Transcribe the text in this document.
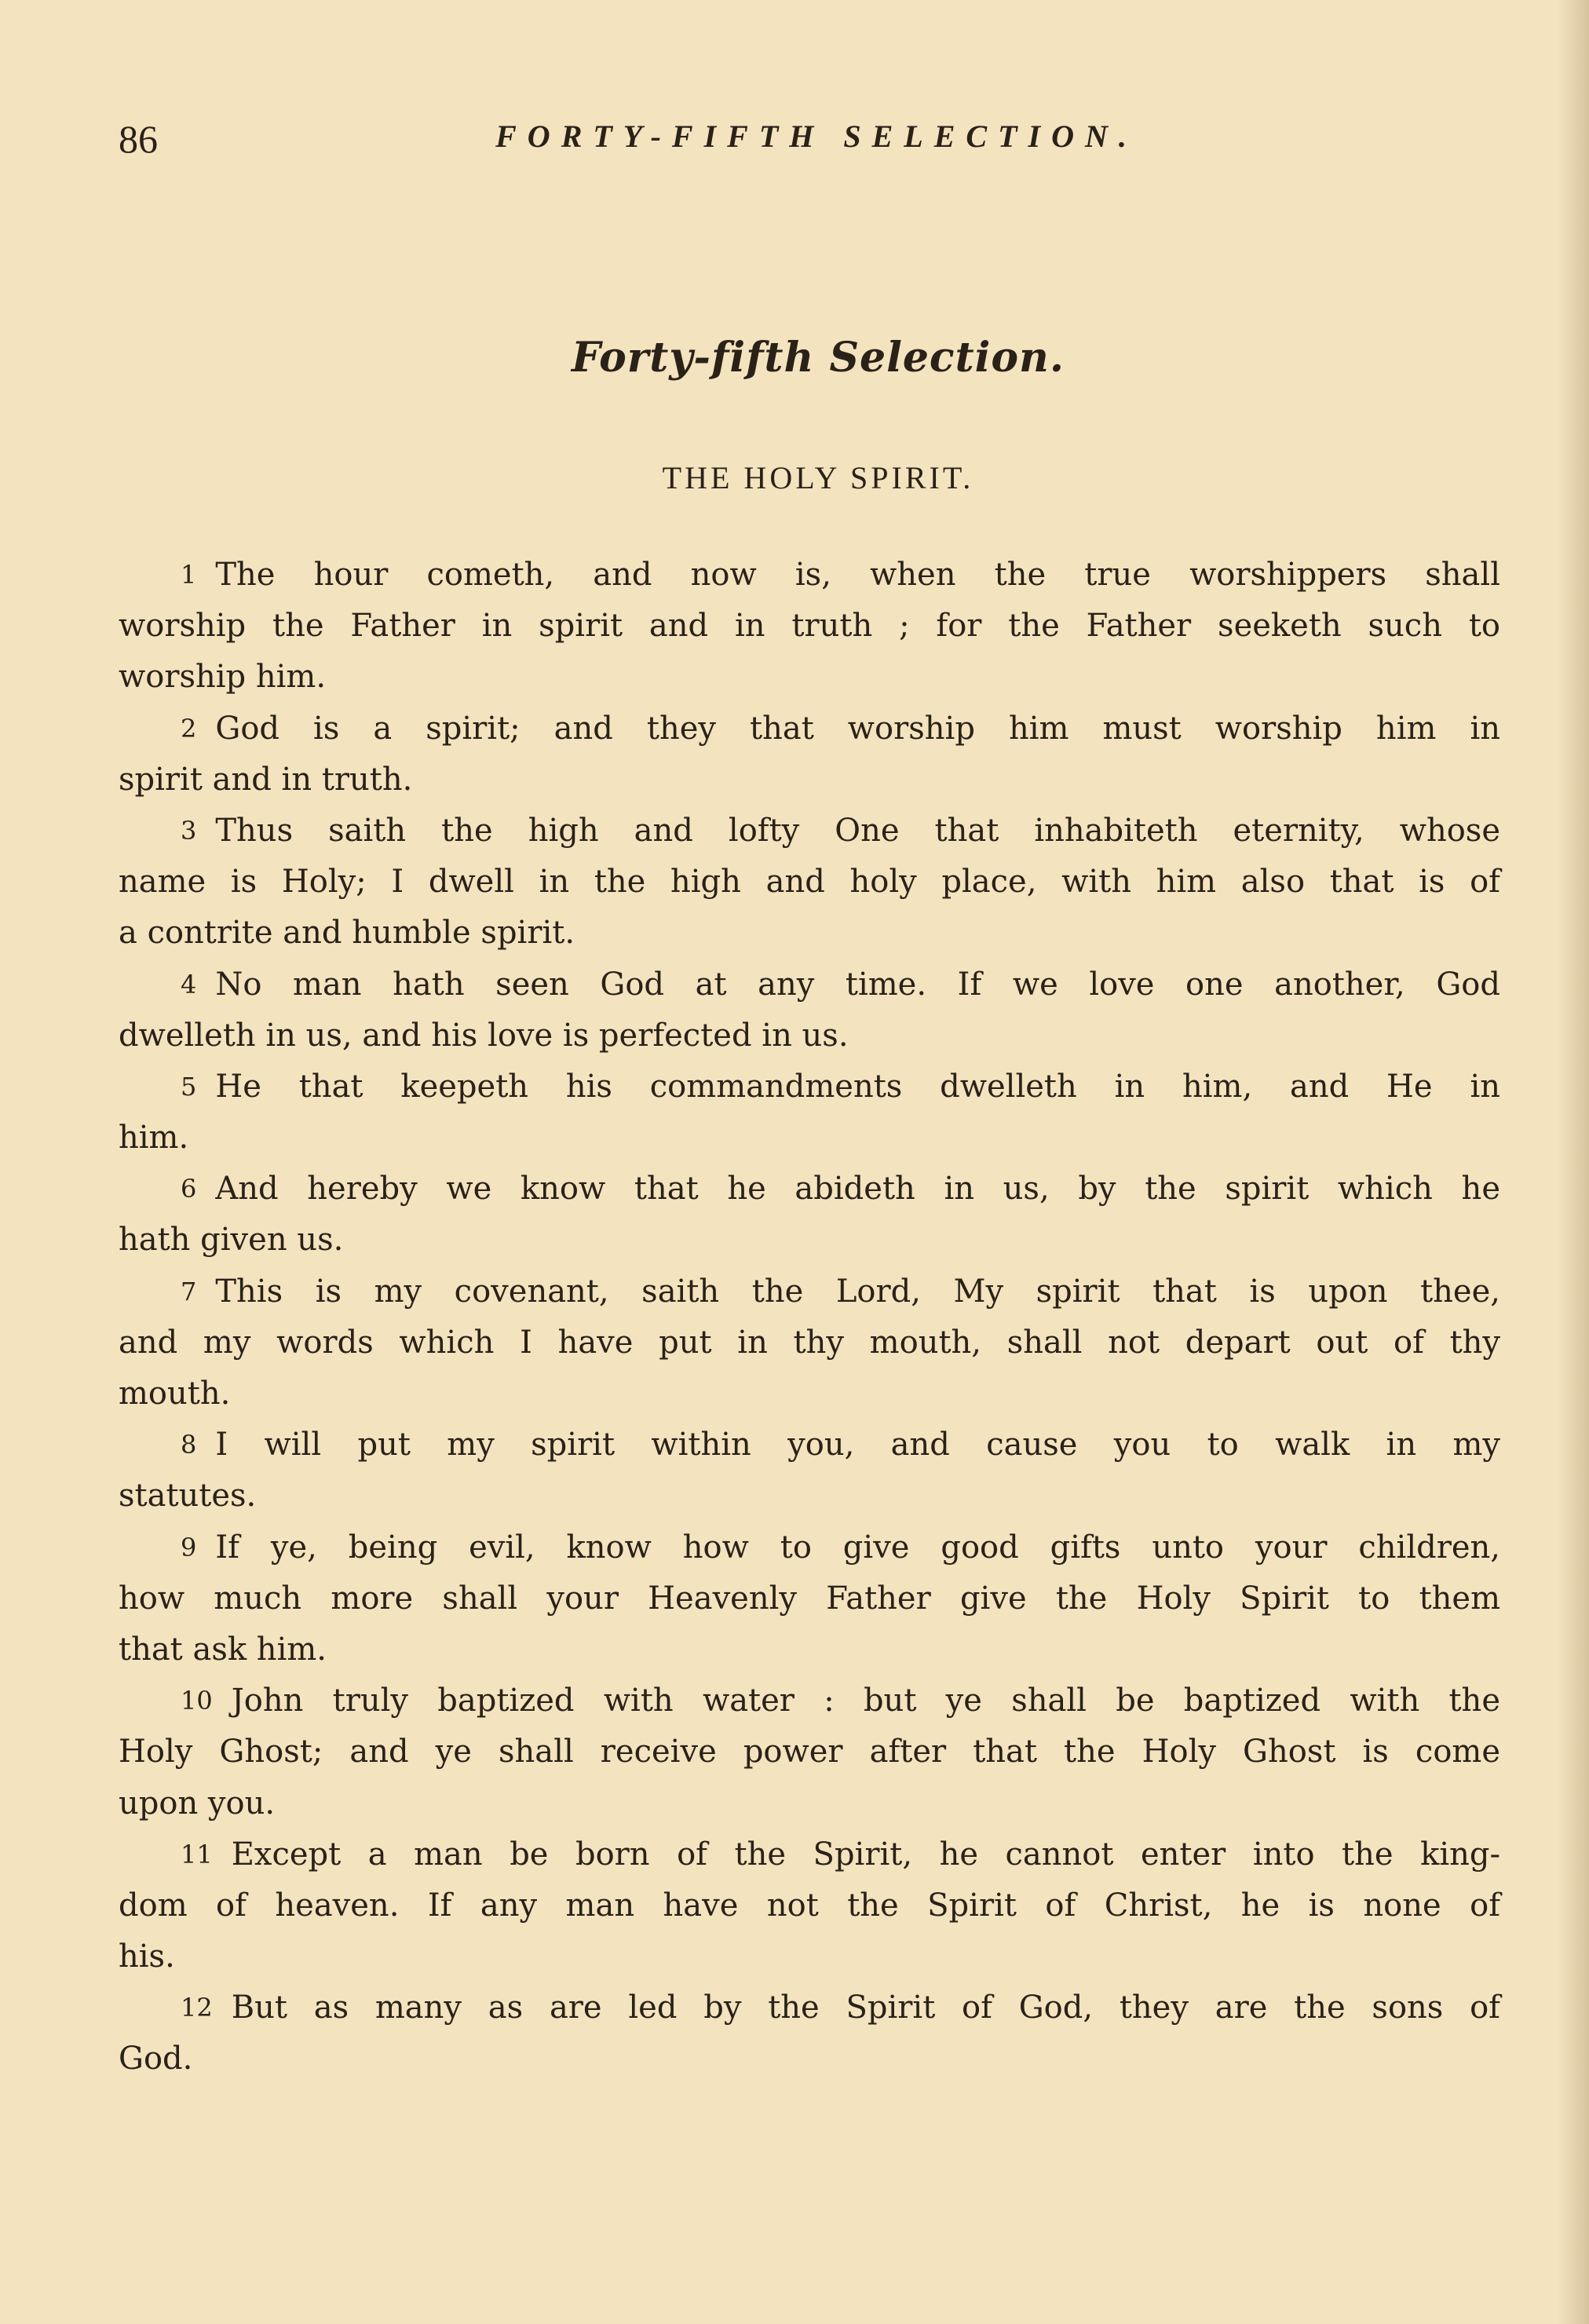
86	FORTY-FIFTH SELECTION.
Forty-fifth Selection.
THE HOLY SPIRIT.
1 The hour cometh, and now is, when the true worshippers shall
worship the Father in spirit and in truth ; for the Father seeketh such to
worship him.
2 God is a spirit; and they that worship him must worship him in
spirit and in truth.
3 Thus saith the high and lofty One that inhabiteth eternity, whose
name is Holy; I dwell in the high and holy place, with him also that is of
a contrite and humble spirit.
4 No man hath seen God at any time. If we love one another, God
dwelleth in us, and his love is perfected in us.
5 He that keepeth his commandments dwelleth in him, and He in
him.
6 And hereby we know that he abideth in us, by the spirit which he
hath given us.
7 This is my covenant, saith the Lord, My spirit that is upon thee,
and my words which I have put in thy mouth, shall not depart out of thy
mouth.
8 I will put my spirit within you, and cause you to walk in my
statutes.
9 If ye, being evil, know how to give good gifts unto your children,
how much more shall your Heavenly Father give the Holy Spirit to them
that ask him.
10 John truly baptized with water : but ye shall be baptized with the
Holy Ghost; and ye shall receive power after that the Holy Ghost is come
upon you.
11 Except a man be born of the Spirit, he cannot enter into the king-
dom of heaven. If any man have not the Spirit of Christ, he is none of
his.
12 But as many as are led by the Spirit of God, they are the sons of
God.
